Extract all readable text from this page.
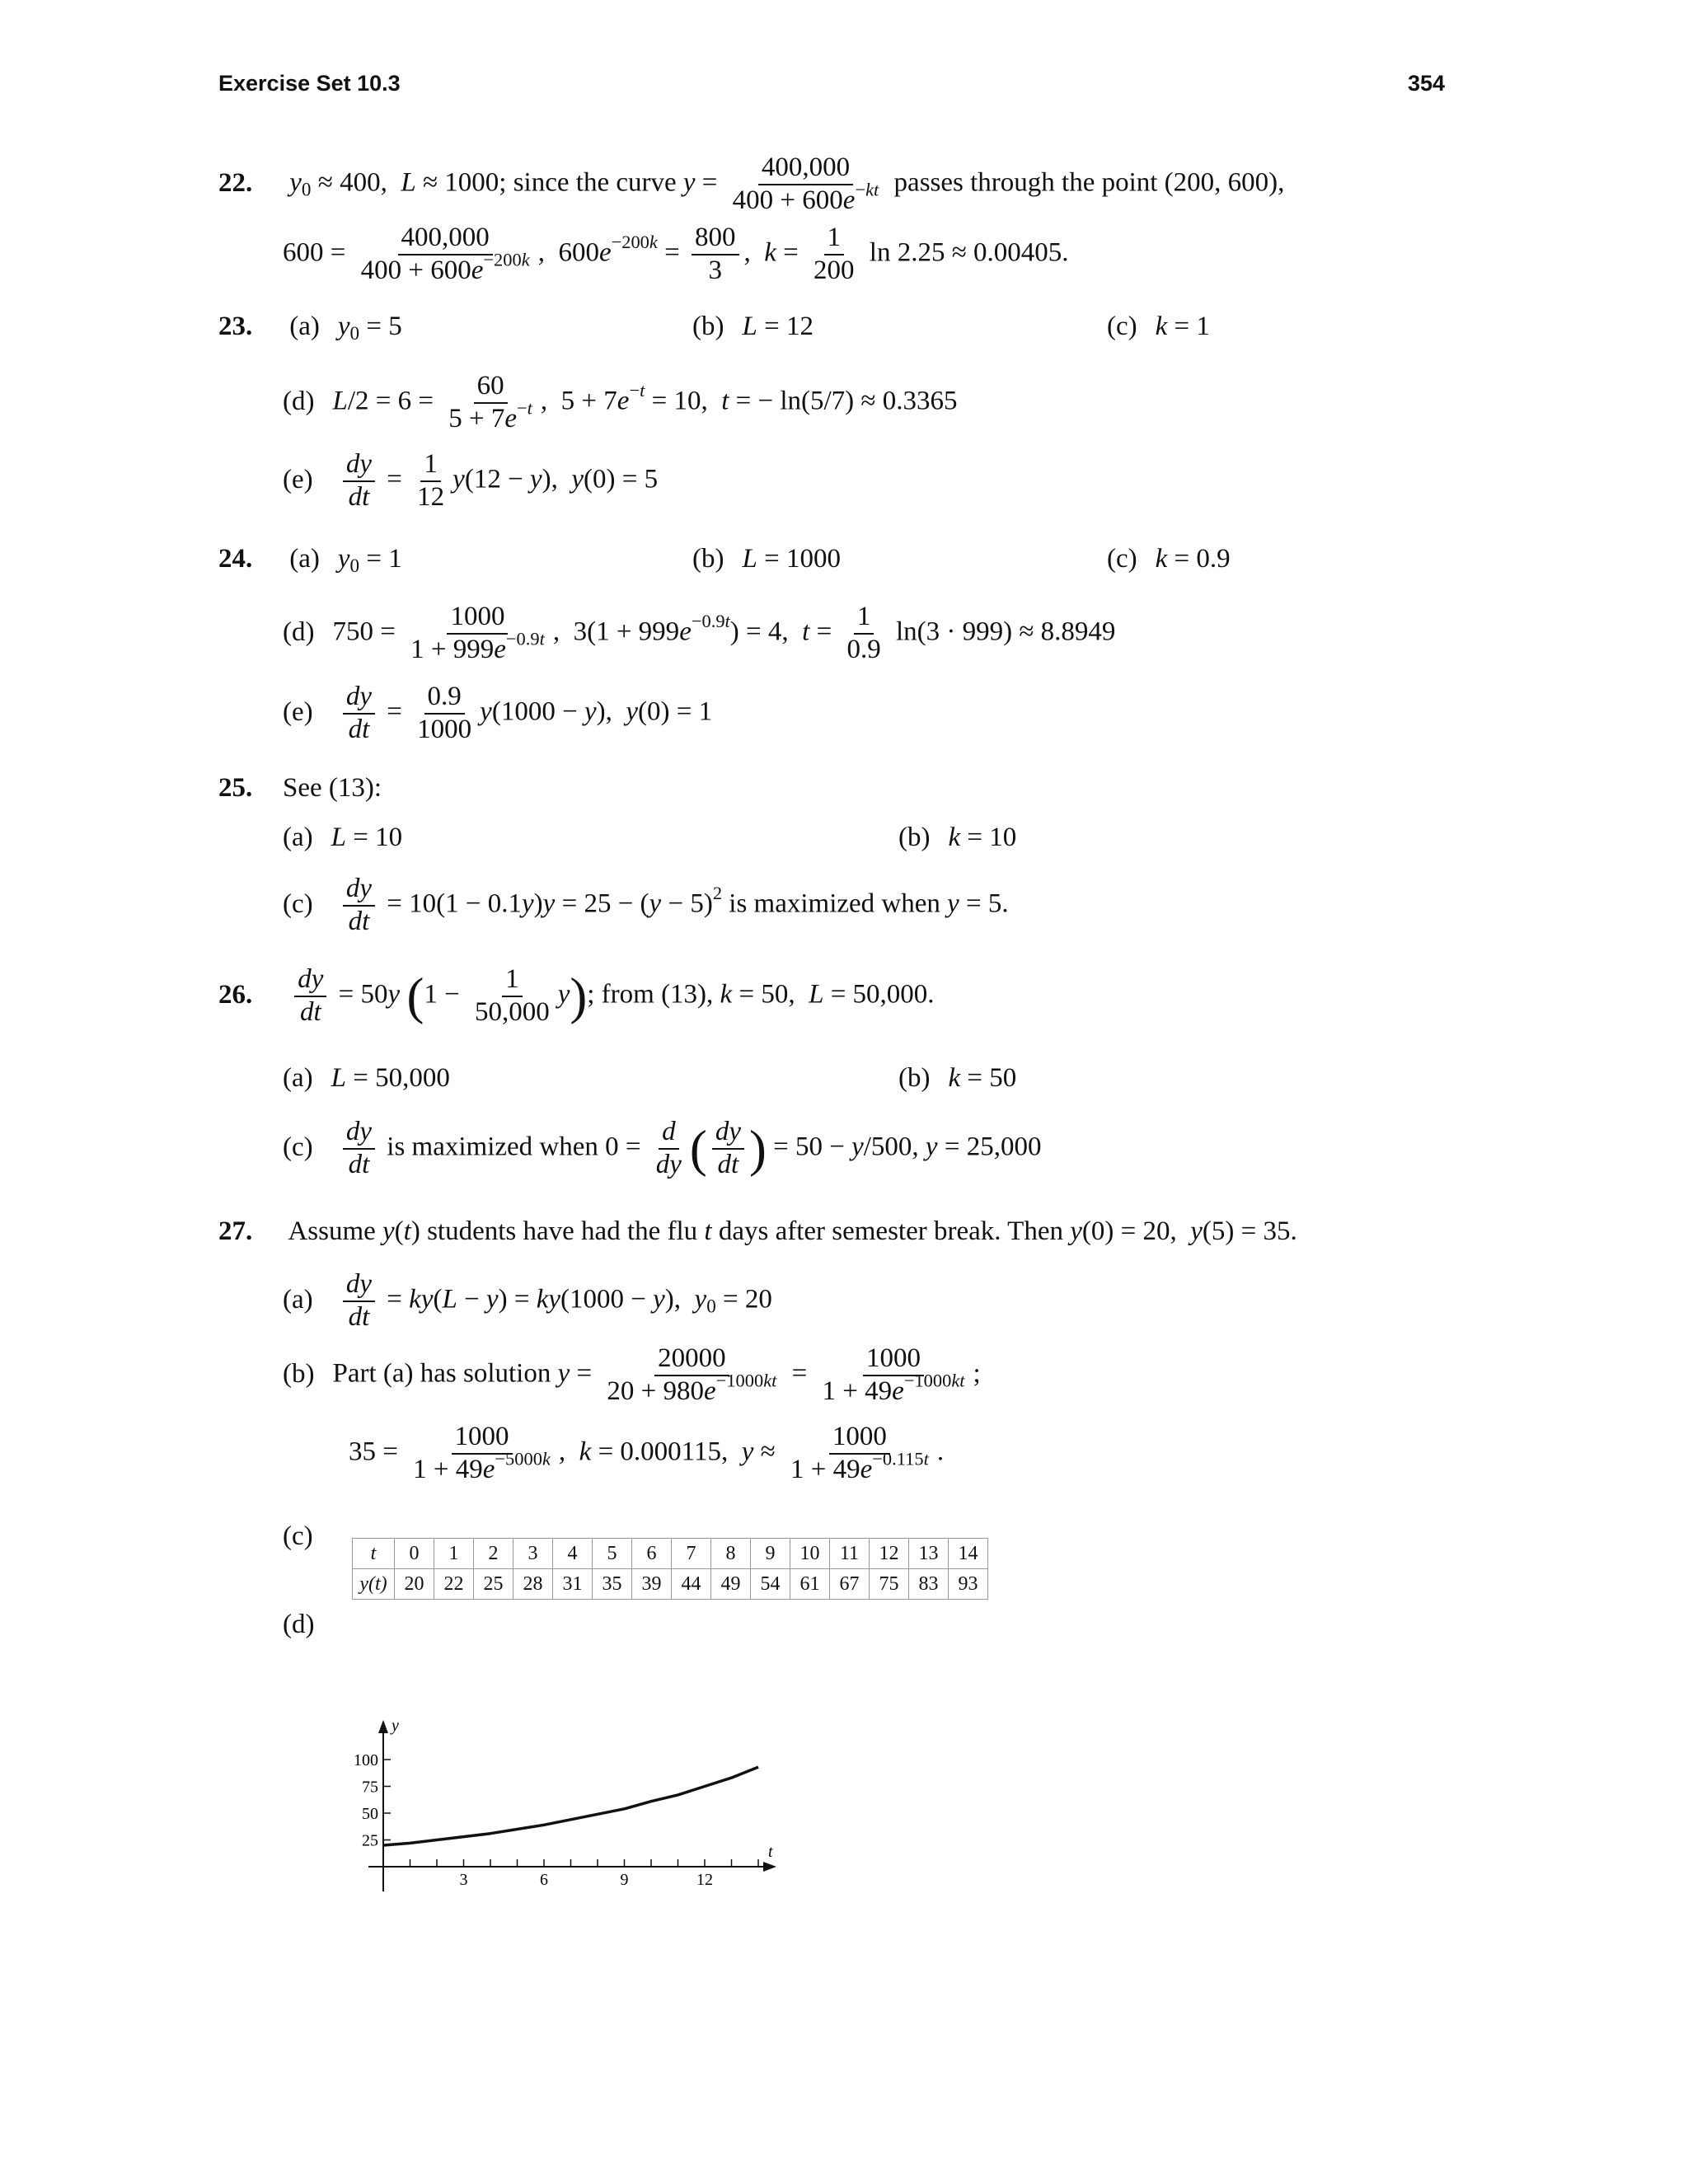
Exercise Set 10.3	354
22. $y_0 \approx 400$,  L ≈ 1000; since the curve $y = \frac{400,000}{400 + 600e^{-kt}}$ passes through the point (200, 600),
$600 = \frac{400,000}{400 + 600e^{-200k}}$ ,  $600e^{-200k} = \frac{800}{3}$ ,  $k = \frac{1}{200}$ ln 2.25 ≈ 0.00405.
23. (a) $y_0 = 5$	(b) L = 12	(c) k = 1
(d) $L/2 = 6 = \frac{60}{5 + 7e^{-t}}$ ,  $5 + 7e^{-t} = 10$,  t = − ln(5/7) ≈ 0.3365
$(e) \frac{dy}{dt} = \frac{1}{12} y(12 - y)$,  y(0) = 5
24. (a) $y_0 = 1$	(b) L = 1000	(c) k = 0.9
(d) $750 = \frac{1000}{1 + 999e^{-0.9t}}$ ,  $3(1 + 999e^{-0.9t}) = 4$,  $t = \frac{1}{0.9} \ln(3 \cdot 999) \approx 8.8949$
$(e) \frac{dy}{dt} = \frac{0.9}{1000} y(1000 - y)$,  y(0) = 1
25. See (13):
(a) L = 10	(b) k = 10
$(c) \frac{dy}{dt} = 10(1 - 0.1y)y = 25 - (y - 5)^2$ is maximized when y = 5.
26. $\frac{dy}{dt} = 50y$ $(1 - \frac{1}{50,000} y)$; from (13), k = 50,  L = 50,000.
(a) L = 50,000	(b) k = 50
$(c) \frac{dy}{dt}$ is maximized when $0 = \frac{d}{dy}$ ( $\frac{dy}{dt}$ ) = 50 − y/500, y = 25,000
27. Assume y(t) students have had the flu t days after semester break. Then y(0) = 20,  y(5) = 35.
$(a) \frac{dy}{dt} = ky(L - y) = ky(1000 - y)$,  $y_0 = 20$
(b) Part (a) has solution $y = \frac{20000}{20 + 980e^{-1000kt}} = \frac{1000}{1 + 49e^{-1000kt}}$ ;
$35 = \frac{1000}{1 + 49e^{-5000k}}$ ,  k = 0.000115,  $y \approx \frac{1000}{1 + 49e^{-0.115t}}$ .
(c)
t	0	1	2	3	4	5	6	7	8	9	10	11	12	13	14
y(t)	20	22	25	28	31	35	39	44	49	54	61	67	75	83	93
(d)
t
y
3	6	9	12
25
50
75
100
